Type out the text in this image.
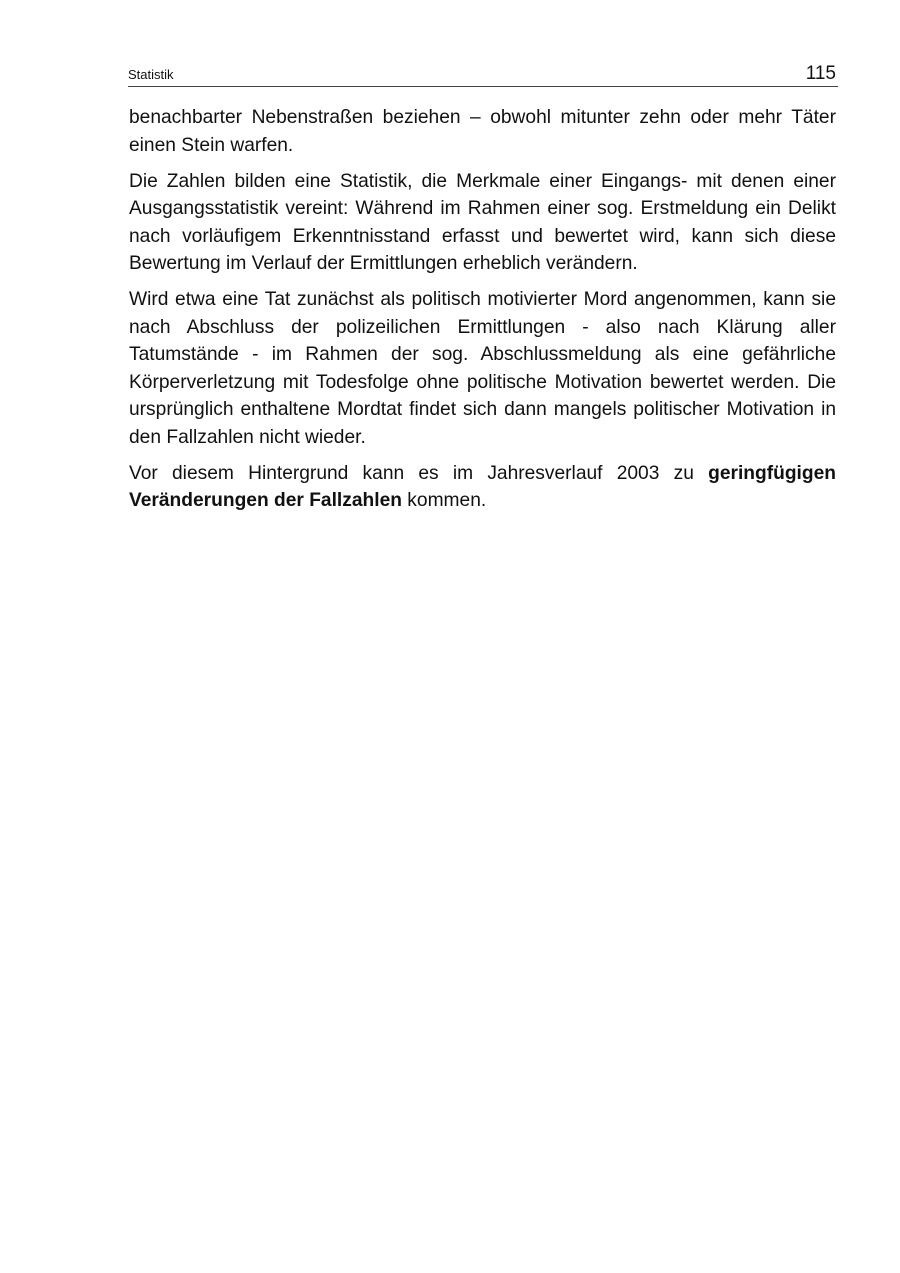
Statistik	115

benachbarter Nebenstraßen beziehen – obwohl mitunter zehn oder mehr Täter einen Stein warfen.

Die Zahlen bilden eine Statistik, die Merkmale einer Eingangs- mit denen einer Ausgangsstatistik vereint: Während im Rahmen einer sog. Erstmeldung ein Delikt nach vorläufigem Erkenntnisstand erfasst und bewertet wird, kann sich diese Bewertung im Verlauf der Ermittlungen erheblich verändern.

Wird etwa eine Tat zunächst als politisch motivierter Mord angenommen, kann sie nach Abschluss der polizeilichen Ermittlungen - also nach Klärung aller Tatumstände - im Rahmen der sog. Abschlussmeldung als eine gefährliche Körperverletzung mit Todesfolge ohne politische Motivation bewertet werden. Die ursprünglich enthaltene Mordtat findet sich dann mangels politischer Motivation in den Fallzahlen nicht wieder.

Vor diesem Hintergrund kann es im Jahresverlauf 2003 zu geringfügigen Veränderungen der Fallzahlen kommen.
